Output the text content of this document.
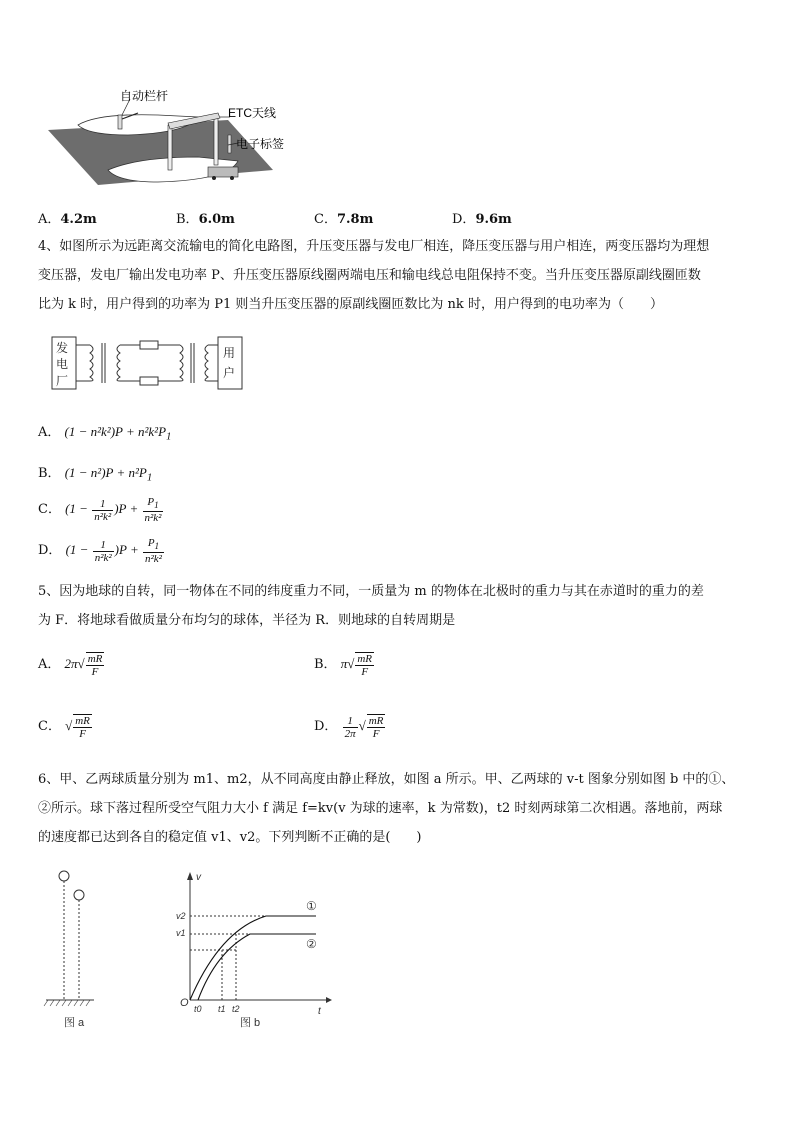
自动栏杆
ETC天线
电子标签
A．4.2m	B．6.0m	C．7.8m	D．9.6m
4、如图所示为远距离交流输电的简化电路图，升压变压器与发电厂相连，降压变压器与用户相连，两变压器均为理想
变压器，发电厂输出发电功率 P、升压变压器原线圈两端电压和输电线总电阻保持不变。当升压变压器原副线圈匝数
比为 k 时，用户得到的功率为 P1 则当升压变压器的原副线圈匝数比为 nk 时，用户得到的电功率为（　　）
发
电
厂
用
户
A． $(1 - n^2k^2)P + n^2k^2P_1$
B． $(1 - n^2)P + n^2P_1$
C． $(1 - \frac{1}{\text{n²k²}} )P + \frac{P_1}{\text{n²k²}}$
D． $(1 - \frac{1}{\text{n²k²}} )P + \frac{P_1}{\text{n²k²}}$
5、因为地球的自转，同一物体在不同的纬度重力不同，一质量为 m 的物体在北极时的重力与其在赤道时的重力的差
为 F．将地球看做质量分布均匀的球体，半径为 R．则地球的自转周期是
A． $2\pi√ \frac{mR}{F}$	B． $\pi√ \frac{mR}{F}$
C． √ $\frac{mR}{F}$	D． $\frac{1}{2\pi}$ √ $\frac{mR}{F}$
6、甲、乙两球质量分别为 m1、m2，从不同高度由静止释放，如图 a 所示。甲、乙两球的 v-t 图象分别如图 b 中的①、
②所示。球下落过程所受空气阻力大小 f 满足 f=kv(v 为球的速率，k 为常数)，t2 时刻两球第二次相遇。落地前，两球
的速度都已达到各自的稳定值 v1、v2。下列判断不正确的是(　　)
图 a
v
t
O
v2
v1
①
②
t0 t1 t2
图 b
